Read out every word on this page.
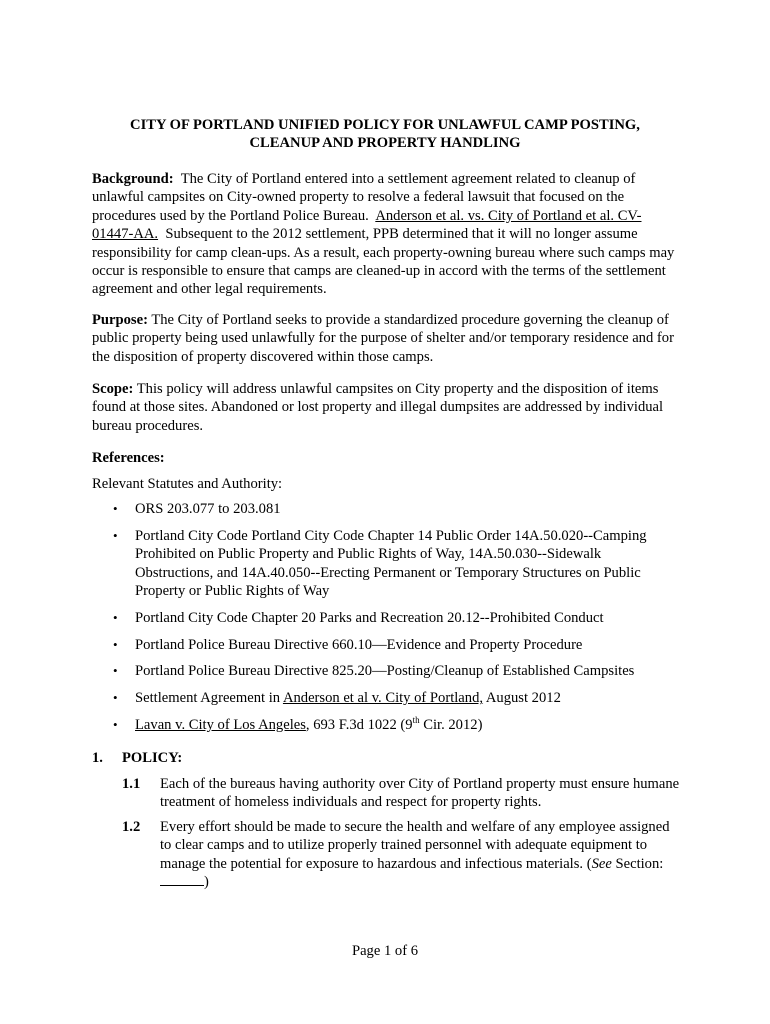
CITY OF PORTLAND UNIFIED POLICY FOR UNLAWFUL CAMP POSTING,
CLEANUP AND PROPERTY HANDLING

Background: The City of Portland entered into a settlement agreement related to cleanup of unlawful campsites on City-owned property to resolve a federal lawsuit that focused on the procedures used by the Portland Police Bureau. Anderson et al. vs. City of Portland et al. CV-01447-AA. Subsequent to the 2012 settlement, PPB determined that it will no longer assume responsibility for camp clean-ups. As a result, each property-owning bureau where such camps may occur is responsible to ensure that camps are cleaned-up in accord with the terms of the settlement agreement and other legal requirements.

Purpose: The City of Portland seeks to provide a standardized procedure governing the cleanup of public property being used unlawfully for the purpose of shelter and/or temporary residence and for the disposition of property discovered within those camps.

Scope: This policy will address unlawful campsites on City property and the disposition of items found at those sites. Abandoned or lost property and illegal dumpsites are addressed by individual bureau procedures.

References:

Relevant Statutes and Authority:

• ORS 203.077 to 203.081
• Portland City Code Portland City Code Chapter 14 Public Order 14A.50.020--Camping Prohibited on Public Property and Public Rights of Way, 14A.50.030--Sidewalk Obstructions, and 14A.40.050--Erecting Permanent or Temporary Structures on Public Property or Public Rights of Way
• Portland City Code Chapter 20 Parks and Recreation 20.12--Prohibited Conduct
• Portland Police Bureau Directive 660.10—Evidence and Property Procedure
• Portland Police Bureau Directive 825.20—Posting/Cleanup of Established Campsites
• Settlement Agreement in Anderson et al v. City of Portland, August 2012
• Lavan v. City of Los Angeles, 693 F.3d 1022 (9th Cir. 2012)

1. POLICY:

1.1 Each of the bureaus having authority over City of Portland property must ensure humane treatment of homeless individuals and respect for property rights.
1.2 Every effort should be made to secure the health and welfare of any employee assigned to clear camps and to utilize properly trained personnel with adequate equipment to manage the potential for exposure to hazardous and infectious materials. (See Section: )
Page 1 of 6
